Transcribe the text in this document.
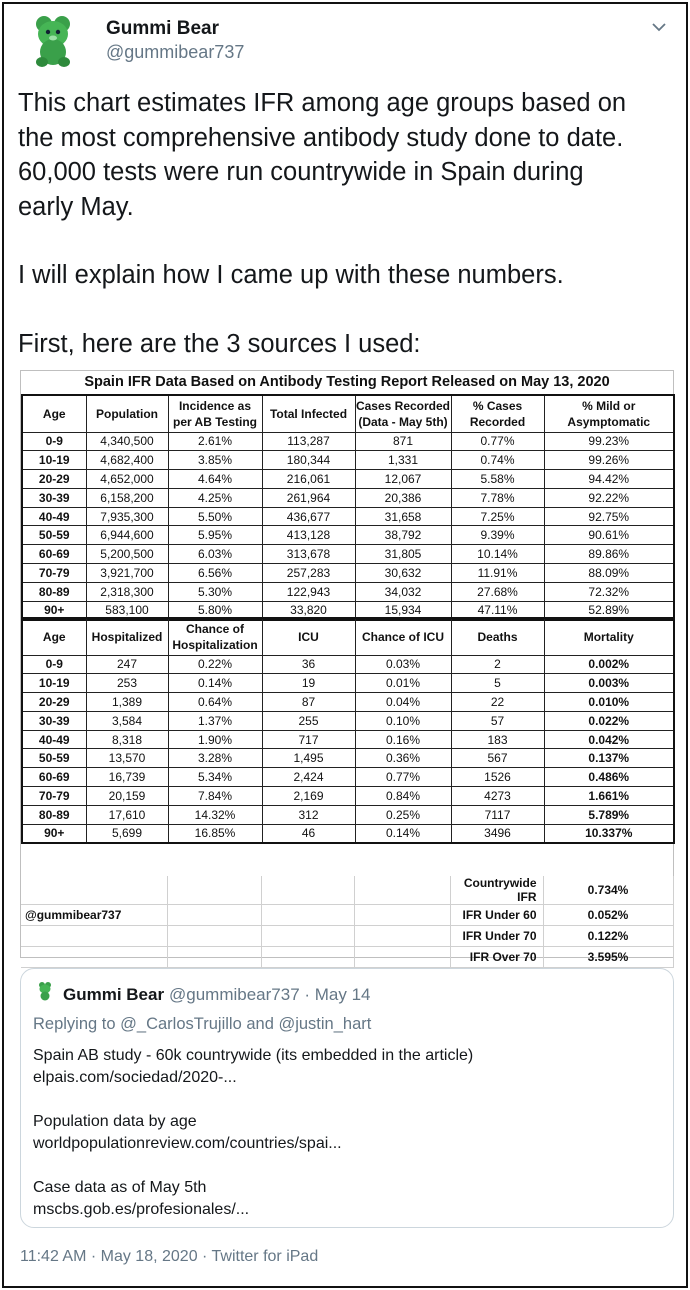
Gummi Bear
@gummibear737

This chart estimates IFR among age groups based on

the most comprehensive antibody study done to date.

60,000 tests were run countrywide in Spain during

early May.

I will explain how I came up with these numbers.

First, here are the 3 sources I used:

Spain IFR Data Based on Antibody Testing Report Released on May 13, 2020
Age	Population	Incidence as per AB Testing	Total Infected	Cases Recorded (Data - May 5th)	% Cases Recorded	% Mild or Asymptomatic
0-9	4,340,500	2.61%	113,287	871	0.77%	99.23%
10-19	4,682,400	3.85%	180,344	1,331	0.74%	99.26%
20-29	4,652,000	4.64%	216,061	12,067	5.58%	94.42%
30-39	6,158,200	4.25%	261,964	20,386	7.78%	92.22%
40-49	7,935,300	5.50%	436,677	31,658	7.25%	92.75%
50-59	6,944,600	5.95%	413,128	38,792	9.39%	90.61%
60-69	5,200,500	6.03%	313,678	31,805	10.14%	89.86%
70-79	3,921,700	6.56%	257,283	30,632	11.91%	88.09%
80-89	2,318,300	5.30%	122,943	34,032	27.68%	72.32%
90+	583,100	5.80%	33,820	15,934	47.11%	52.89%
Age	Hospitalized	Chance of Hospitalization	ICU	Chance of ICU	Deaths	Mortality
0-9	247	0.22%	36	0.03%	2	0.002%
10-19	253	0.14%	19	0.01%	5	0.003%
20-29	1,389	0.64%	87	0.04%	22	0.010%
30-39	3,584	1.37%	255	0.10%	57	0.022%
40-49	8,318	1.90%	717	0.16%	183	0.042%
50-59	13,570	3.28%	1,495	0.36%	567	0.137%
60-69	16,739	5.34%	2,424	0.77%	1526	0.486%
70-79	20,159	7.84%	2,169	0.84%	4273	1.661%
80-89	17,610	14.32%	312	0.25%	7117	5.789%
90+	5,699	16.85%	46	0.14%	3496	10.337%
				Countrywide IFR	0.734%
@gummibear737				IFR Under 60	0.052%
				IFR Under 70	0.122%
				IFR Over 70	3.595%
Gummi Bear @gummibear737 · May 14
Replying to @_CarlosTrujillo and @justin_hart

Spain AB study - 60k countrywide (its embedded in the article)

elpais.com/sociedad/2020-...

Population data by age

worldpopulationreview.com/countries/spai...

Case data as of May 5th

mscbs.gob.es/profesionales/...

11:42 AM · May 18, 2020 · Twitter for iPad
